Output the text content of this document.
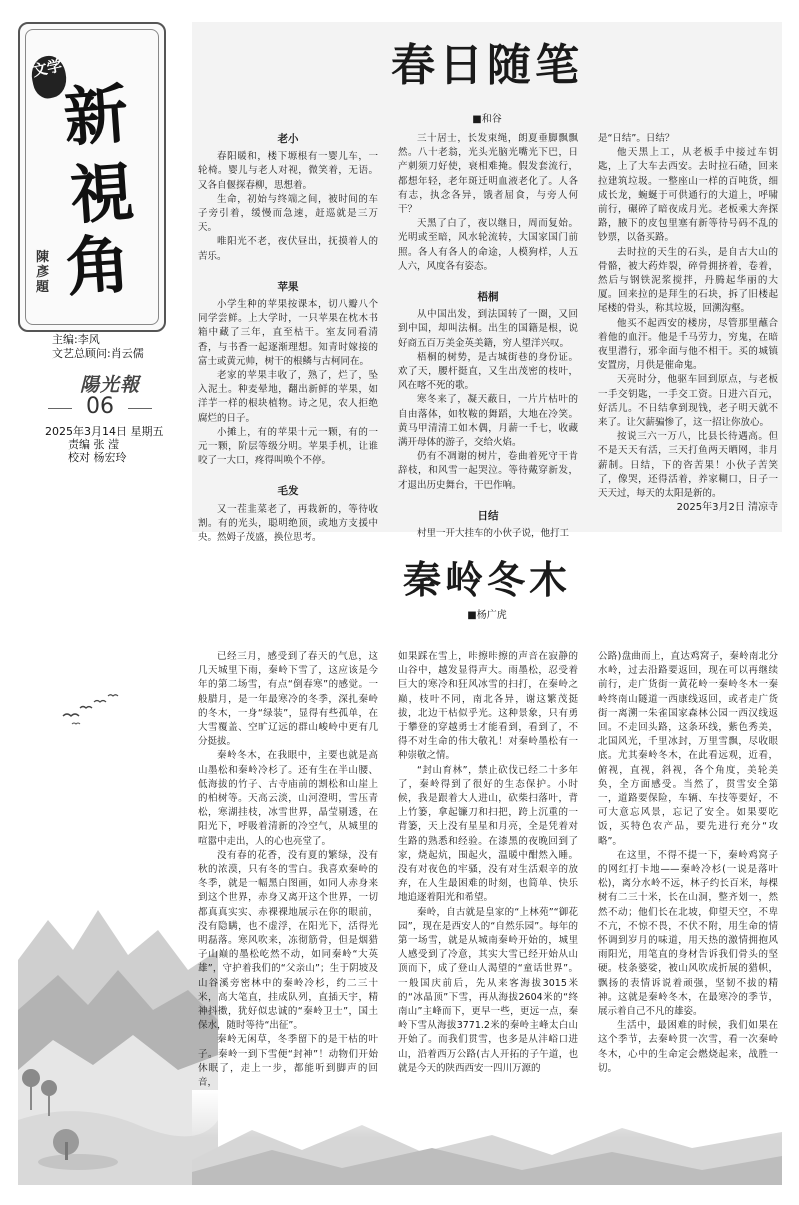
文学
新
視
角
陳彥題
主编:李风
文艺总顾问:肖云儒
陽光報
06
2025年3月14日 星期五
责编 张 滢
校对 杨宏玲
春日随笔
■和谷
老小

春阳暖和，楼下塬根有一婴儿车，一轮椅。婴儿与老人对视，微笑着，无语。又各自偃探春柳，思想着。

生命，初始与终端之间，被时间的车子旁引着，缓慢而急速，赶巡就是三万天。

唯阳光不老，夜伏昼出，抚摸着人的苦乐。

苹果

小学生种的苹果按课本，切八瓣八个同学尝鲜。上大学时，一只苹果在枕木书箱中藏了三年，直至枯干。室友同看清香，与书香一起逐渐理想。知青时嫁接的富士或黄元帅，树干的根鳞与古柯同在。

老家的苹果丰收了，熟了，烂了，坠入泥土。种麦晕地，翻出新鲜的苹果，如洋芋一样的根块植物。诗之见，农人拒绝腐烂的日子。

小摊上，有的苹果十元一颗，有的一元一颗，阶层等级分明。苹果手机，让谁咬了一大口，疼得叫唤个不停。

毛发

又一茬韭菜老了，再栽新的，等待收割。有的光头，聪明绝顶，或地方支援中央。然姆子茂盛，换位思考。

三十居士，长发束绳，朗夏垂脚飘飘然。八十老翁，光头光脑光嘴光下巴，日产刺须刀好使，衰相难掩。假发套流行，都想年轻，老年斑迁明血液老化了。人各有志，执念各异，饿者屈食，与旁人何干？

天黑了白了，夜以继日，周而复始。光明或至暗，风水轮流转，大国家国门前照。各人有各人的命途，人模狗样，人五人六，风度各有姿态。

梧桐

从中国出发，到法国转了一圈，又回到中国，却叫法桐。出生的国籍是根，说好商五百万美金英美籍，穷人望洋兴叹。

梧桐的树势，是古城街巷的身份证。欢了天，腰杆挺直，又生出茂密的枝叶，风在喀不死的歌。

寒冬来了，凝天蔽日，一片片枯叶的自由落体，如牧鞍的舞蹈，大地在冷笑。黄马甲清清工如木偶，月薪一千七，收藏满开母体的游子，交给火焰。

仍有不凋谢的树片，卷曲着死守干肯辞枝，和风雪一起哭泣。等待戴穿新发，才退出历史舞台，干巴作响。

日结

村里一开大挂车的小伙子说，他打工

是“日结”。日结？

他天黑上工，从老板手中接过车钥匙，上了大车去西安。去时拉石碴，回来拉建筑垃圾。一整座山一样的百吨货，细成长龙，蜿蜒于可供通行的大道上，呼啸前行，碾碎了暗夜成月光。老板乘大奔探路，腋下的皮包里塞有新等待号码不乱的钞票，以备买路。

去时拉的天生的石头，是自古大山的骨骼，被大药炸裂，碎骨拥挤着，卷着，然后与钢铁泥浆搅拌，丹腾起华丽的大厦。回来拉的是拜生的石块，拆了旧楼起尾楼的骨头，称其垃圾，回溯沟壑。

他买不起西安的楼房，尽管那里蘸合着他的血汗。他是千马劳力，穷鬼，在暗夜里潜行，邪伞面与他不相干。买的城镇安置房，月供是催命鬼。

天亮时分，他驱车回到原点，与老板一手交钥匙，一手交工资。日进六百元，好活儿。不日结拿到现钱，老子明天就不来了。让欠薪骗惨了，这一招让你放心。

按说三六一万八，比县长待遇高。但不是天天有活，三天打鱼两天晒网，非月薪制。日结，下的咨苦果！小伙子苦笑了，像哭，还得活着，养家糊口，日子一天天过，每天的太阳是新的。

2025年3月2日 清凉寺

秦岭冬木
■杨广虎

已经三月，感受到了春天的气息，这几天城里下雨，秦岭下雪了，这应该是今年的第二场雪，有点“倒春寒”的感觉。一般腊月，是一年最寒冷的冬季，深扎秦岭的冬木，一身“绿装”，显得有些孤单，在大雪覆盖、空旷辽远的群山峻岭中更有几分挺拔。

秦岭冬木，在我眼中，主要也就是高山墨松和秦岭冷杉了。还有生在半山腰、低海拔的竹子、古寺庙前的割松和山崖上的柏树等。天高云淡，山河澄明，雪压青松，寒湖挂枝，冰雪世界，晶莹剔透，在阳光下，呼吸着清新的冷空气，从城里的喧嚣中走出，人的心也亮堂了。

没有春的花香，没有夏的繁绿，没有秋的浓漠，只有冬的雪白。我喜欢秦岭的冬季，就是一幅黑白图画，如同人赤身来到这个世界，赤身又离开这个世界，一切都真真实实、赤裸裸地展示在你的眼前，没有隐瞒，也不虚浮，在阳光下，活得光明磊落。寒风吹来，冻彻筋骨，但是烟猎子山巅的墨松屹然不动，如同秦岭“大英雄”，守护着我们的“父亲山”；生于阴坡及山谷溪旁密林中的秦岭冷杉，约二三十米，高大笔直，挂成队列，直插天宇，精神抖擞，犹好似忠诚的“秦岭卫士”，国土保水，随时等待“出征”。

秦岭无闲草，冬季留下的是干枯的叶子。秦岭一到下雪便“封神”！动物们开始休眠了，走上一步，都能听到脚声的回音，

如果踩在雪上，咔擦咔擦的声音在寂静的山谷中，越发显得声大。雨墨松，忍受着巨大的寒冷和狂风冰雪的扫打，在秦岭之巅，枝叶不同，南北各异，谢这繁茂挺拔，北边干枯似乎光。这种景象，只有勇于攀登的穿越勇士才能看到，看到了，不得不对生命的伟大敬礼！对秦岭墨松有一种崇敬之情。

“封山育林”，禁止砍伐已经二十多年了，秦岭得到了很好的生态保护。小时候，我是跟着大人进山，砍柴扫落叶，背上竹篓，拿起镰刀和扫把，跨上沉重的一背篓，天上没有星星和月亮，全是凭着对生路的熟悉和经验。在漆黑的夜晚回到了家，烧起炕，围起火，温暖中酣然入睡。没有对夜色的牢骚，没有对生活艰辛的放弃，在人生最困难的时刻，也简单、快乐地追逐着阳光和希望。

秦岭，自古就是皇家的“上林苑”“御花园”，现在是西安人的“自然乐园”。每年的第一场雪，就是从城南秦岭开始的，城里人感受到了冷意，其实大雪已经开始从山顶而下，成了登山人渴望的“童话世界”。一般国庆前后，先从来客海拔3015米的“冰晶顶”下雪，再从海拔2604米的“终南山”主峰而下，更早一些，更远一点，秦岭下雪从海拔3771.2米的秦岭主峰太白山开始了。而我们贯雪，也多是从沣峪口进山，沿着西万公路(古人开拓的子午道，也就是今天的陕西西安一四川万源的

公路)盘曲而上，直达鸡窝子，秦岭南北分水岭，过去沿路要返回，现在可以再继续前行，走广货街一黄花岭一秦岭冬木一秦岭终南山隧道一西康线返回，或者走广货街一离溯一朱雀国家森林公园一西汉线返回。不走回头路，这条环线，紫色秀美，北国风光，千里冰封，万里雪飘，尽收眼底。尤其秦岭冬木，在此看远观，近看，俯视，直视，斜视，各个角度，美轮美奂，全方面感受。当然了，贯雪安全第一，道路要保险，车辆、车技等要好，不可大意忘风景，忘记了安全。如果要吃饭，买特色农产品，要先进行充分“攻略”。

在这里，不得不提一下，秦岭鸡窝子的网红打卡地——秦岭冷杉(一说是落叶松)，离分水岭不远，林子约长百米，每棵树有二三十米，长在山洞，整齐划一，然然不动；他们长在北坡，仰望天空，不卑不亢，不惊不畏，不伏不附，用生命的情怀调到岁月的味道，用天热的激情拥抱风雨阳光，用笔直的身材告诉我们骨头的坚硬。枝条婆娑，被山风吹成折展的猎帜，飘扬的表情诉说着顽强，坚韧不拔的精神。这就是秦岭冬木，在最寒冷的季节，展示着自己不凡的雄姿。

生活中，最困难的时候，我们如果在这个季节，去秦岭贯一次雪，看一次秦岭冬木，心中的生命定会燃烧起来，战胜一切。
